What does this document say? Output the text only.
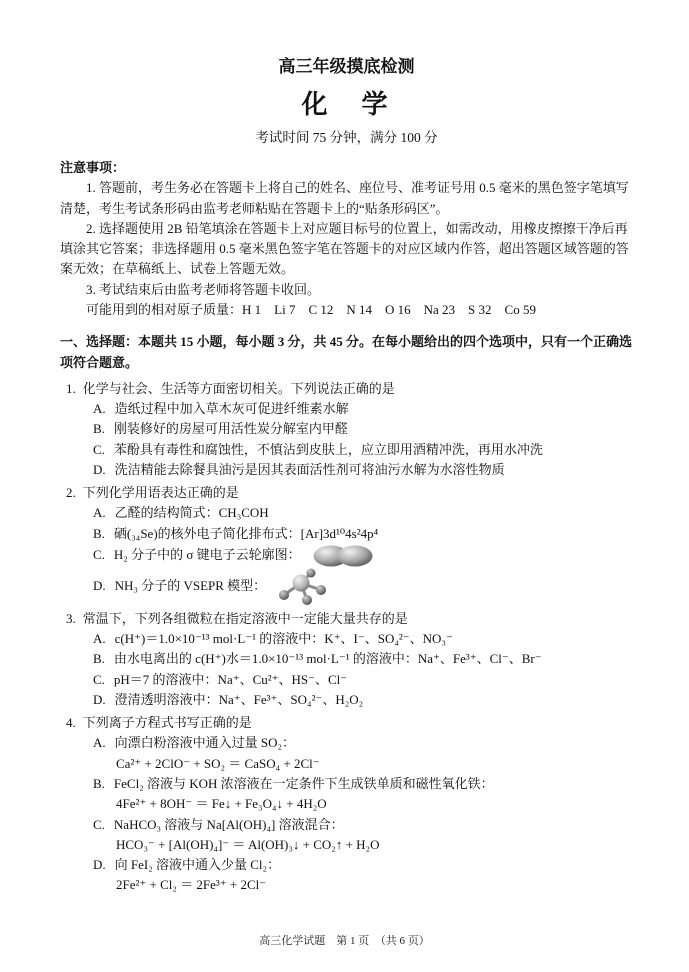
高三年级摸底检测
化　学
考试时间 75 分钟，满分 100 分
注意事项：

1. 答题前，考生务必在答题卡上将自己的姓名、座位号、准考证号用 0.5 毫米的黑色签字笔填写清楚，考生考试条形码由监考老师粘贴在答题卡上的“贴条形码区”。

2. 选择题使用 2B 铅笔填涂在答题卡上对应题目标号的位置上，如需改动，用橡皮擦擦干净后再填涂其它答案；非选择题用 0.5 毫米黑色签字笔在答题卡的对应区域内作答，超出答题区域答题的答案无效；在草稿纸上、试卷上答题无效。

3. 考试结束后由监考老师将答题卡收回。

可能用到的相对原子质量：H 1　Li 7　C 12　N 14　O 16　Na 23　S 32　Co 59

一、选择题：本题共 15 小题，每小题 3 分，共 45 分。在每小题给出的四个选项中，只有一个正确选项符合题意。

1. 化学与社会、生活等方面密切相关。下列说法正确的是
A. 造纸过程中加入草木灰可促进纤维素水解
B. 刚装修好的房屋可用活性炭分解室内甲醛
C. 苯酚具有毒性和腐蚀性，不慎沾到皮肤上，应立即用酒精冲洗，再用水冲洗
D. 洗洁精能去除餐具油污是因其表面活性剂可将油污水解为水溶性物质
2. 下列化学用语表达正确的是
A. 乙醛的结构简式：CH₃COH
B. 硒(₃₄Se)的核外电子简化排布式：[Ar]3d¹⁰4s²4p⁴
C. H₂ 分子中的 σ 键电子云轮廓图：
D. NH₃ 分子的 VSEPR 模型：
3. 常温下，下列各组微粒在指定溶液中一定能大量共存的是
A. c(H⁺)＝1.0×10⁻¹³ mol·L⁻¹ 的溶液中：K⁺、I⁻、SO₄²⁻、NO₃⁻
B. 由水电离出的 c(H⁺)水＝1.0×10⁻¹³ mol·L⁻¹ 的溶液中：Na⁺、Fe³⁺、Cl⁻、Br⁻
C. pH＝7 的溶液中：Na⁺、Cu²⁺、HS⁻、Cl⁻
D. 澄清透明溶液中：Na⁺、Fe³⁺、SO₄²⁻、H₂O₂
4. 下列离子方程式书写正确的是
A. 向漂白粉溶液中通入过量 SO₂：
Ca²⁺ + 2ClO⁻ + SO₂ ＝ CaSO₄ + 2Cl⁻
B. FeCl₂ 溶液与 KOH 浓溶液在一定条件下生成铁单质和磁性氧化铁：
4Fe²⁺ + 8OH⁻ ＝ Fe↓ + Fe₃O₄↓ + 4H₂O
C. NaHCO₃ 溶液与 Na[Al(OH)₄] 溶液混合：
HCO₃⁻ + [Al(OH)₄]⁻ ＝ Al(OH)₃↓ + CO₂↑ + H₂O
D. 向 FeI₂ 溶液中通入少量 Cl₂：
2Fe²⁺ + Cl₂ ＝ 2Fe³⁺ + 2Cl⁻
高三化学试题　第 1 页　（共 6 页）
